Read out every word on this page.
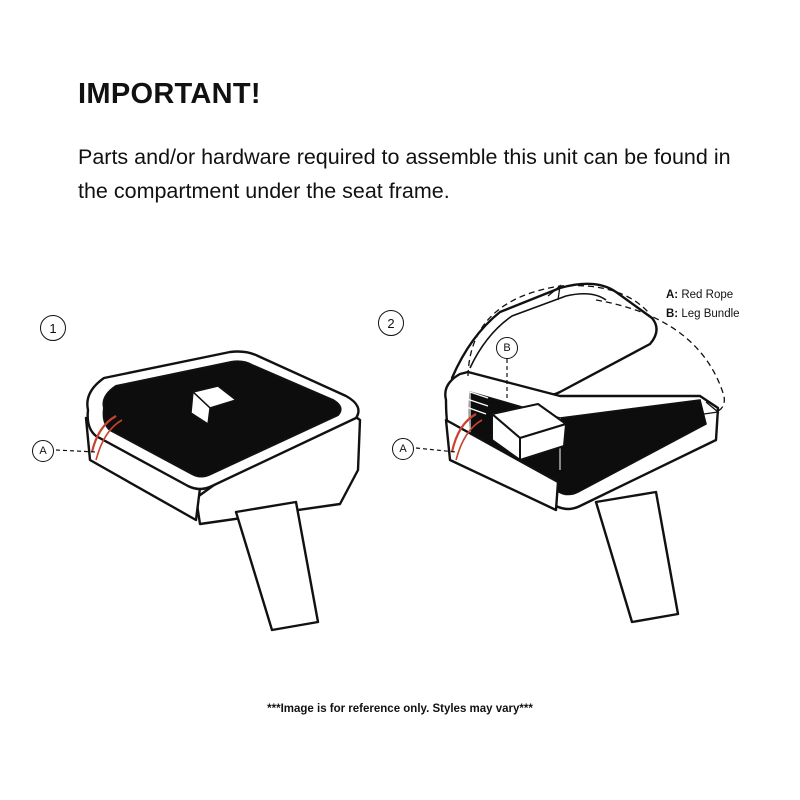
IMPORTANT!
Parts and/or hardware required to assemble this unit can be found in the compartment under the seat frame.
1	2
A	A
B
A: Red Rope
B: Leg Bundle
***Image is for reference only. Styles may vary***
